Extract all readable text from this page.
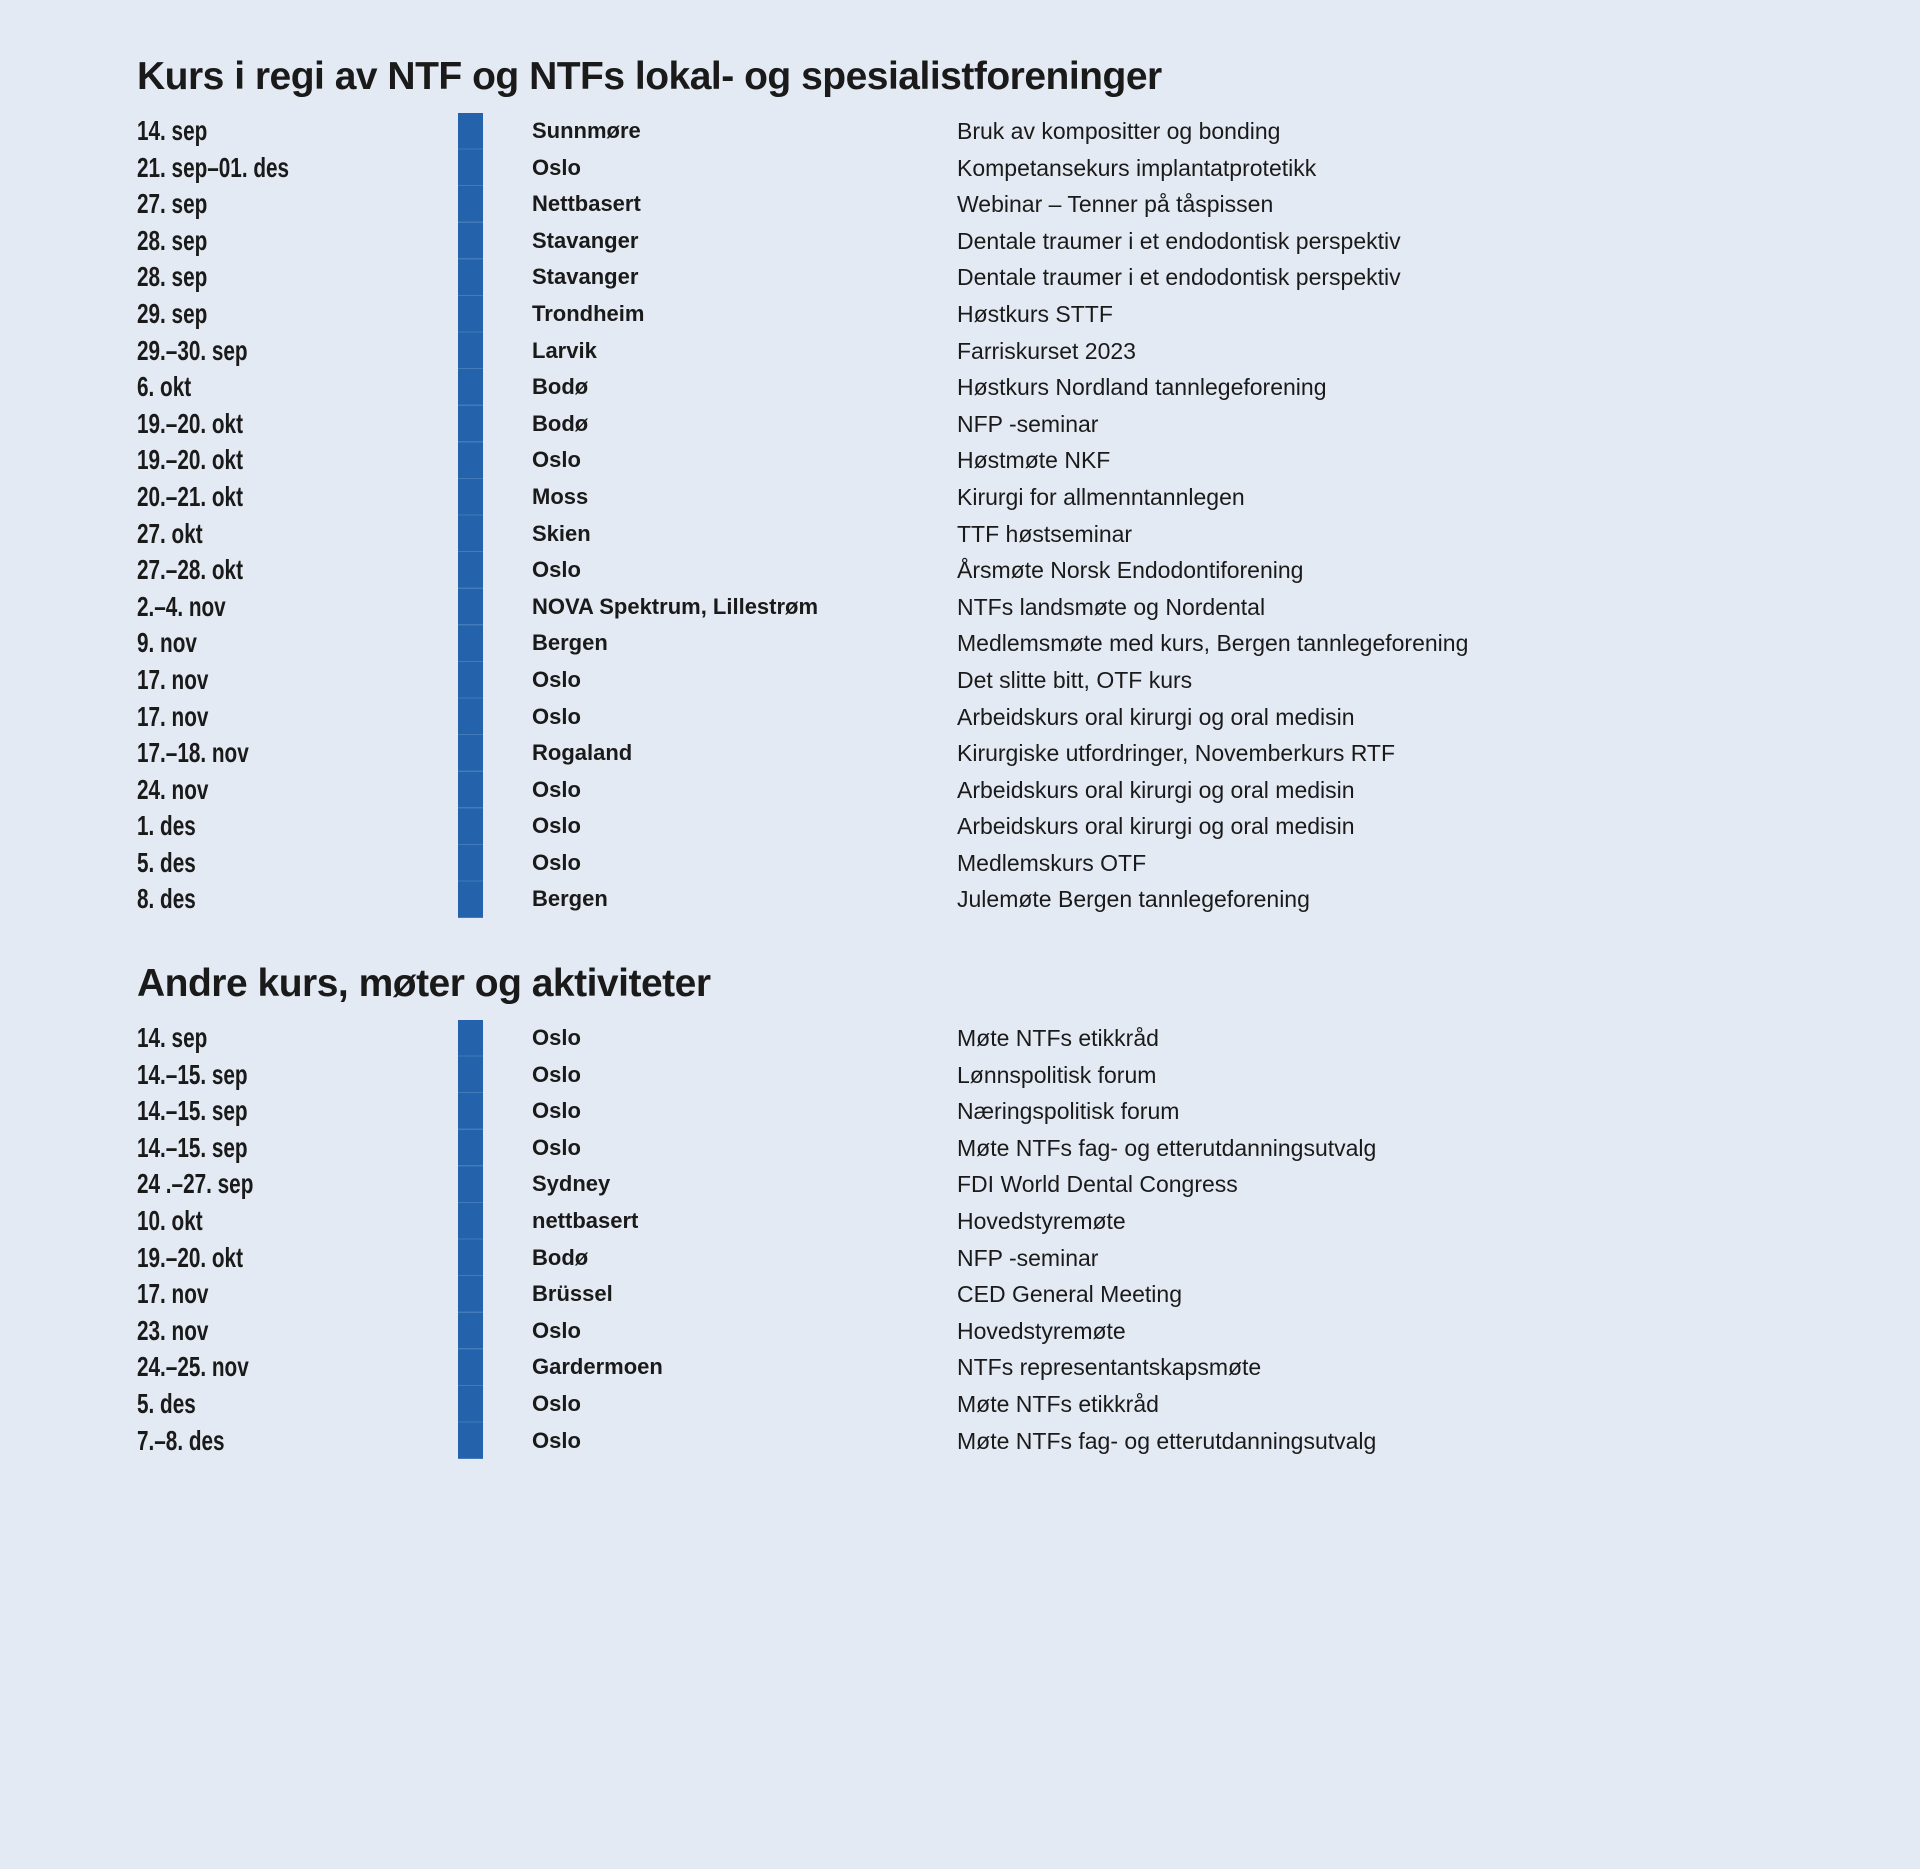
Kurs i regi av NTF og NTFs lokal- og spesialistforeninger
14. sep	Sunnmøre	Bruk av kompositter og bonding
21. sep–01. des	Oslo	Kompetansekurs implantatprotetikk
27. sep	Nettbasert	Webinar – Tenner på tåspissen
28. sep	Stavanger	Dentale traumer i et endodontisk perspektiv
28. sep	Stavanger	Dentale traumer i et endodontisk perspektiv
29. sep	Trondheim	Høstkurs STTF
29.–30. sep	Larvik	Farriskurset 2023
6. okt	Bodø	Høstkurs Nordland tannlegeforening
19.–20. okt	Bodø	NFP -seminar
19.–20. okt	Oslo	Høstmøte NKF
20.–21. okt	Moss	Kirurgi for allmenntannlegen
27. okt	Skien	TTF høstseminar
27.–28. okt	Oslo	Årsmøte Norsk Endodontiforening
2.–4. nov	NOVA Spektrum, Lillestrøm	NTFs landsmøte og Nordental
9. nov	Bergen	Medlemsmøte med kurs, Bergen tannlegeforening
17. nov	Oslo	Det slitte bitt, OTF kurs
17. nov	Oslo	Arbeidskurs oral kirurgi og oral medisin
17.–18. nov	Rogaland	Kirurgiske utfordringer, Novemberkurs RTF
24. nov	Oslo	Arbeidskurs oral kirurgi og oral medisin
1. des	Oslo	Arbeidskurs oral kirurgi og oral medisin
5. des	Oslo	Medlemskurs OTF
8. des	Bergen	Julemøte Bergen tannlegeforening
Andre kurs, møter og aktiviteter
14. sep	Oslo	Møte NTFs etikkråd
14.–15. sep	Oslo	Lønnspolitisk forum
14.–15. sep	Oslo	Næringspolitisk forum
14.–15. sep	Oslo	Møte NTFs fag- og etterutdanningsutvalg
24 .–27. sep	Sydney	FDI World Dental Congress
10. okt	nettbasert	Hovedstyremøte
19.–20. okt	Bodø	NFP -seminar
17. nov	Brüssel	CED General Meeting
23. nov	Oslo	Hovedstyremøte
24.–25. nov	Gardermoen	NTFs representantskapsmøte
5. des	Oslo	Møte NTFs etikkråd
7.–8. des	Oslo	Møte NTFs fag- og etterutdanningsutvalg
